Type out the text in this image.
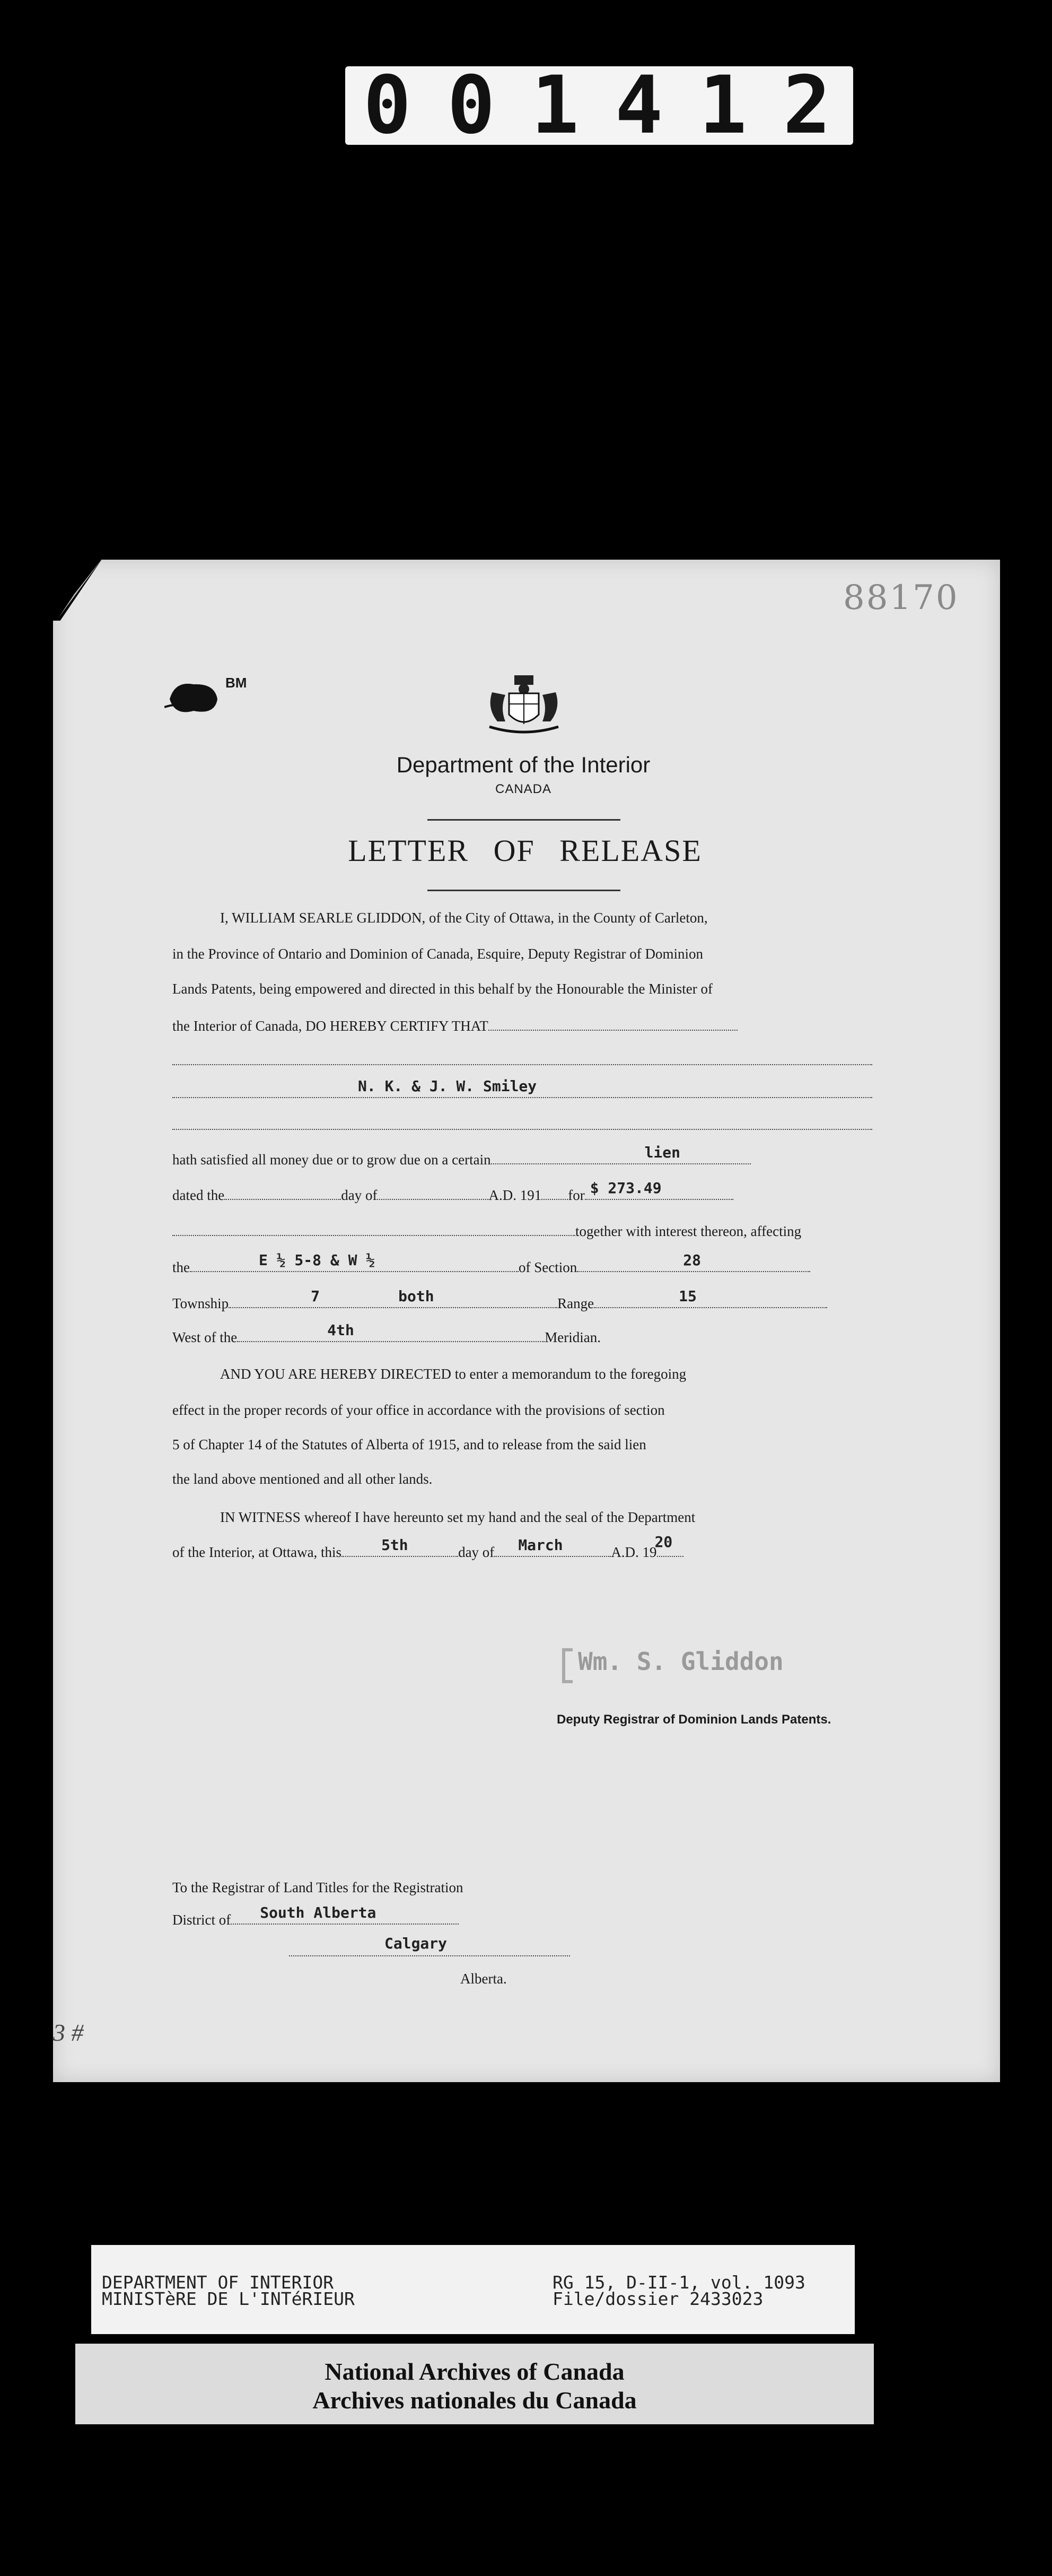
001412
88170
BM
Department of the Interior
CANADA
LETTER OF RELEASE
I, WILLIAM SEARLE GLIDDON, of the City of Ottawa, in the County of Carleton,
in the Province of Ontario and Dominion of Canada, Esquire, Deputy Registrar of Dominion
Lands Patents, being empowered and directed in this behalf by the Honourable the Minister of
the Interior of Canada, DO HEREBY CERTIFY THAT
N. K. & J. W. Smiley
hath satisfied all money due or to grow due on a certain	lien
dated the	day of	A.D. 191 for $ 273.49
together with interest thereon, affecting
the	E ½ 5-8 & W ½	of Section	28
Township	7	both	Range	15
West of the	4th	Meridian.
AND YOU ARE HEREBY DIRECTED to enter a memorandum to the foregoing
effect in the proper records of your office in accordance with the provisions of section
5 of Chapter 14 of the Statutes of Alberta of 1915, and to release from the said lien
the land above mentioned and all other lands.
IN WITNESS whereof I have hereunto set my hand and the seal of the Department
of the Interior, at Ottawa, this	5th	day of March	A.D. 19
20
Wm. S. Gliddon
Deputy Registrar of Dominion Lands Patents.
To the Registrar of Land Titles for the Registration
District of South Alberta
Calgary
Alberta.
3 #
DEPARTMENT OF INTERIOR
MINISTèRE DE L'INTéRIEUR
RG 15, D-II-1, vol. 1093
File/dossier 2433023
National Archives of Canada
Archives nationales du Canada
